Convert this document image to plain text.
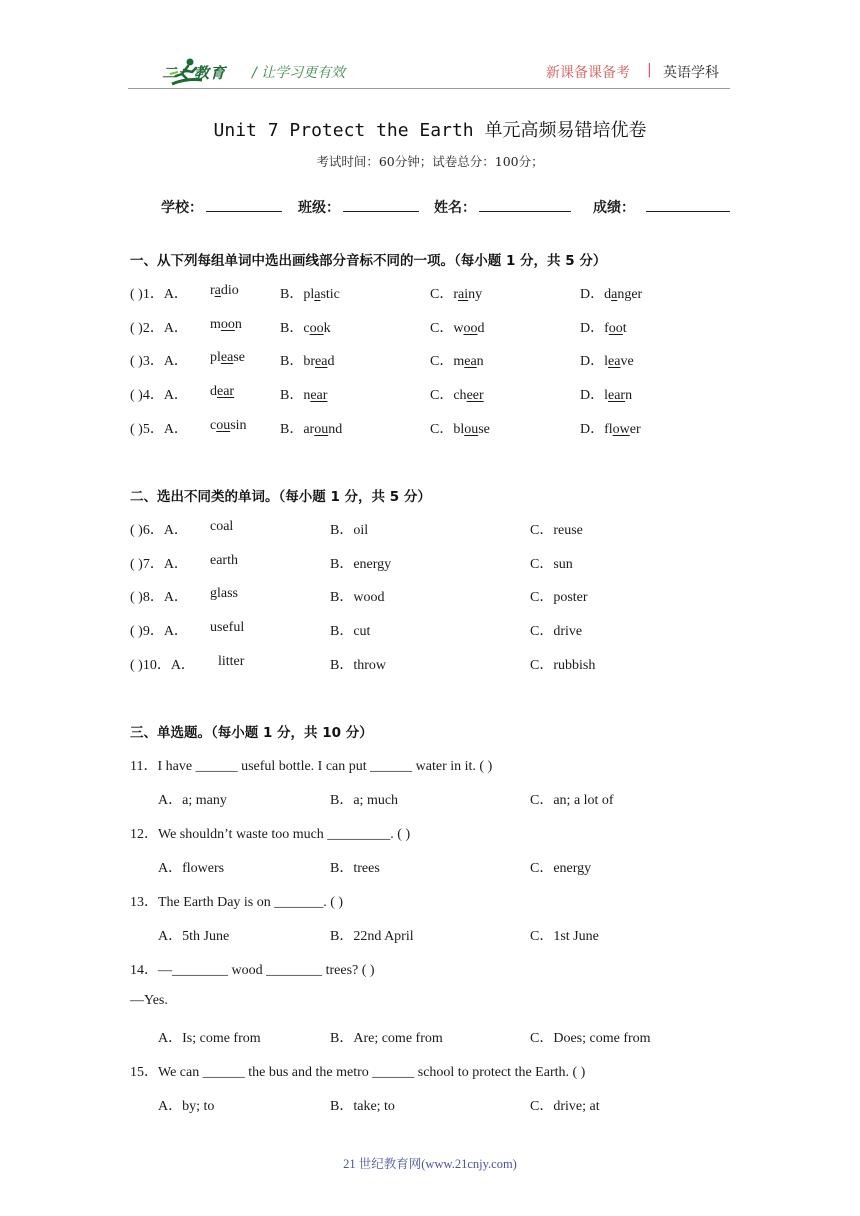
二一教育 / 让学习更有效	新课备课备考 | 英语学科
Unit 7 Protect the Earth 单元高频易错培优卷
考试时间：60分钟；试卷总分：100分；
学校：	班级：	姓名：	成绩：
一、从下列每组单词中选出画线部分音标不同的一项。（每小题 1 分，共 5 分）
( )1．A． radio	B．plastic	C．rainy	D．danger
( )2．A． moon	B．cook	C．wood	D．foot
( )3．A． please	B．bread	C．mean	D．leave
( )4．A． dear	B．near	C．cheer	D．learn
( )5．A． cousin B．around	C．blouse	D．flower
二、选出不同类的单词。（每小题 1 分，共 5 分）
( )6．A． coal	B．oil	C．reuse
( )7．A． earth	B．energy	C．sun
( )8．A． glass	B．wood	C．poster
( )9．A． useful	B．cut	C．drive
( )10．A． litter	B．throw	C．rubbish
三、单选题。（每小题 1 分，共 10 分）
11．I have ______ useful bottle. I can put ______ water in it. ( )
A．a; many	B．a; much	C．an; a lot of
12．We shouldn’t waste too much _________. ( )
A．flowers	B．trees	C．energy
13．The Earth Day is on _______. ( )
A．5th June	B．22nd April	C．1st June
14．—________ wood ________ trees? ( )
—Yes.
A．Is; come from	B．Are; come from	C．Does; come from
15．We can ______ the bus and the metro ______ school to protect the Earth. ( )
A．by; to	B．take; to	C．drive; at
21 世纪教育网(www.21cnjy.com)
